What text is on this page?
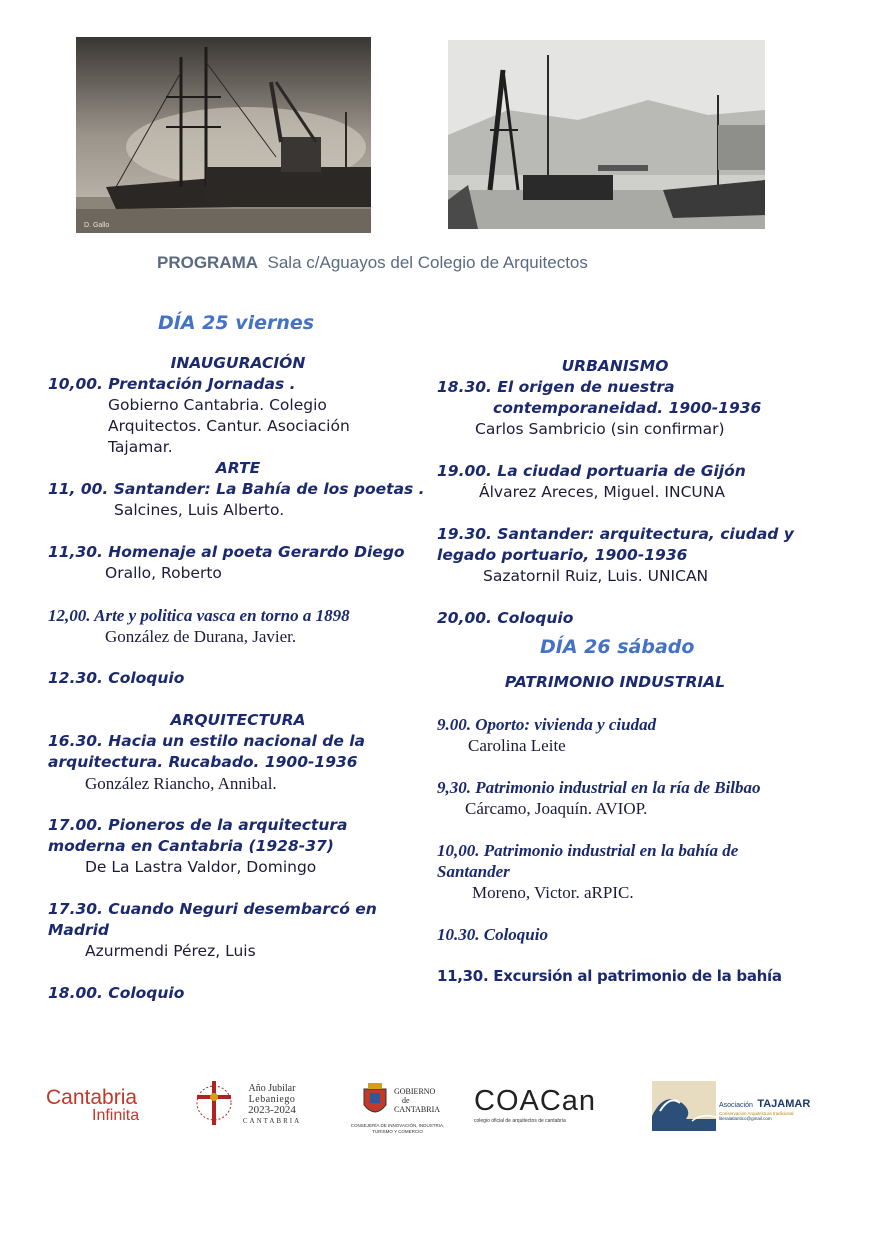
D. Gallo
PROGRAMA Sala c/Aguayos del Colegio de Arquitectos
DÍA 25 viernes
INAUGURACIÓN
10,00. Prentación Jornadas .
Gobierno Cantabria. Colegio
Arquitectos. Cantur. Asociación
Tajamar.
ARTE
11, 00. Santander: La Bahía de los poetas .
Salcines, Luis Alberto.
11,30. Homenaje al poeta Gerardo Diego
Orallo, Roberto
12,00. Arte y politica vasca en torno a 1898
González de Durana, Javier.
12.30. Coloquio
ARQUITECTURA
16.30. Hacia un estilo nacional de la arquitectura. Rucabado. 1900-1936
González Riancho, Annibal.
17.00. Pioneros de la arquitectura moderna en Cantabria (1928-37)
De La Lastra Valdor, Domingo
17.30. Cuando Neguri desembarcó en Madrid
Azurmendi Pérez, Luis
18.00. Coloquio
URBANISMO
18.30. El origen de nuestra
contemporaneidad. 1900-1936
Carlos Sambricio (sin confirmar)
19.00. La ciudad portuaria de Gijón
Álvarez Areces, Miguel. INCUNA
19.30. Santander: arquitectura, ciudad y legado portuario, 1900-1936
Sazatornil Ruiz, Luis. UNICAN
20,00. Coloquio
DÍA 26 sábado
PATRIMONIO INDUSTRIAL
9.00. Oporto: vivienda y ciudad
Carolina Leite
9,30. Patrimonio industrial en la ría de Bilbao
Cárcamo, Joaquín. AVIOP.
10,00. Patrimonio industrial en la bahía de Santander
Moreno, Victor. aRPIC.
10.30. Coloquio
11,30. Excursión al patrimonio de la bahía
Cantabria
Infinita
Año Jubilar
Lebaniego
2023-2024
CANTABRIA
GOBIERNO
de
CANTABRIA
CONSEJERÍA DE INNOVACIÓN, INDUSTRIA,
TURISMO Y COMERCIO
COACan
colegio oficial de arquitectos de cantabria
Asociación TAJAMAR
Conservación Arquitectura tradicional
literalatlantico@gmail.com
